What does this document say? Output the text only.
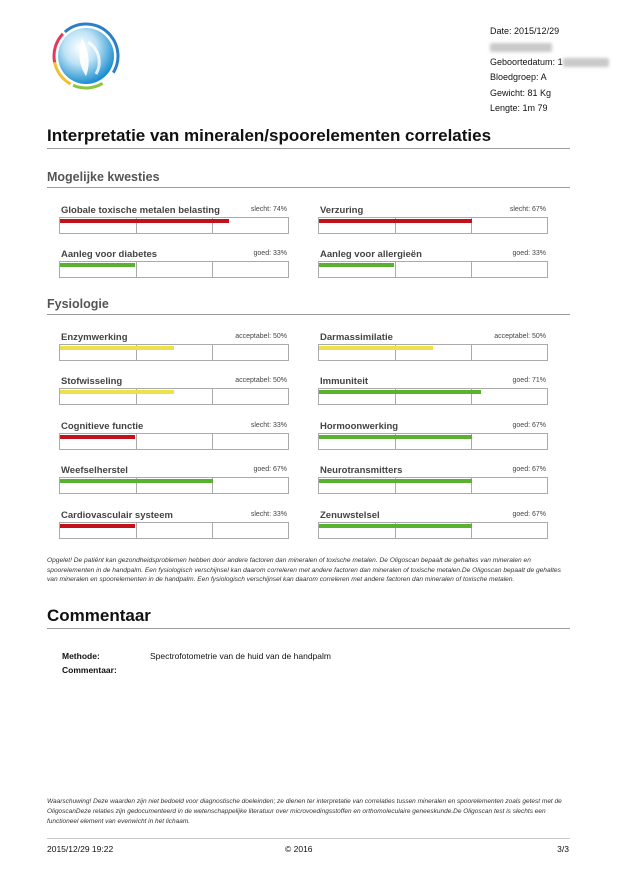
Date: 2015/12/29
Geboortedatum: 1
Bloedgroep: A
Gewicht: 81 Kg
Lengte: 1m 79
Interpretatie van mineralen/spoorelementen correlaties
Mogelijke kwesties
Fysiologie
Globale toxische metalen belasting	slecht: 74%	Verzuring	slecht: 67%
Aanleg voor diabetes	goed: 33%	Aanleg voor allergieën	goed: 33%
Enzymwerking	acceptabel: 50%	Darmassimilatie	acceptabel: 50%
Stofwisseling	acceptabel: 50%	Immuniteit	goed: 71%
Cognitieve functie	slecht: 33%	Hormoonwerking	goed: 67%
Weefselherstel	goed: 67%	Neurotransmitters	goed: 67%
Cardiovasculair systeem	slecht: 33%	Zenuwstelsel	goed: 67%

Opgelet! De patiënt kan gezondheidsproblemen hebben door andere factoren dan mineralen of toxische metalen. De Oligoscan bepaalt de gehaltes van mineralen en spoorelementen in de handpalm. Een fysiologisch verschijnsel kan daarom correleren met andere factoren dan mineralen of toxische metalen.De Oligoscan bepaalt de gehaltes van mineralen en spoorelementen in de handpalm. Een fysiologisch verschijnsel kan daarom correleren met andere factoren dan mineralen of toxische metalen.

Commentaar
Methode:	Spectrofotometrie van de huid van de handpalm
Commentaar:

Waarschuwing! Deze waarden zijn niet bedoeld voor diagnostische doeleinden; ze dienen ter interpretatie van correlaties tussen mineralen en spoorelementen zoals getest met de OligoscanDeze relaties zijn gedocumenteerd in de wetenschappelijke literatuur over microvoedingsstoffen en orthomoleculaire geneeskunde.De Oligoscan test is slechts een functioneel element van evenwicht in het lichaam.

2015/12/29 19:22	© 2016	3/3
